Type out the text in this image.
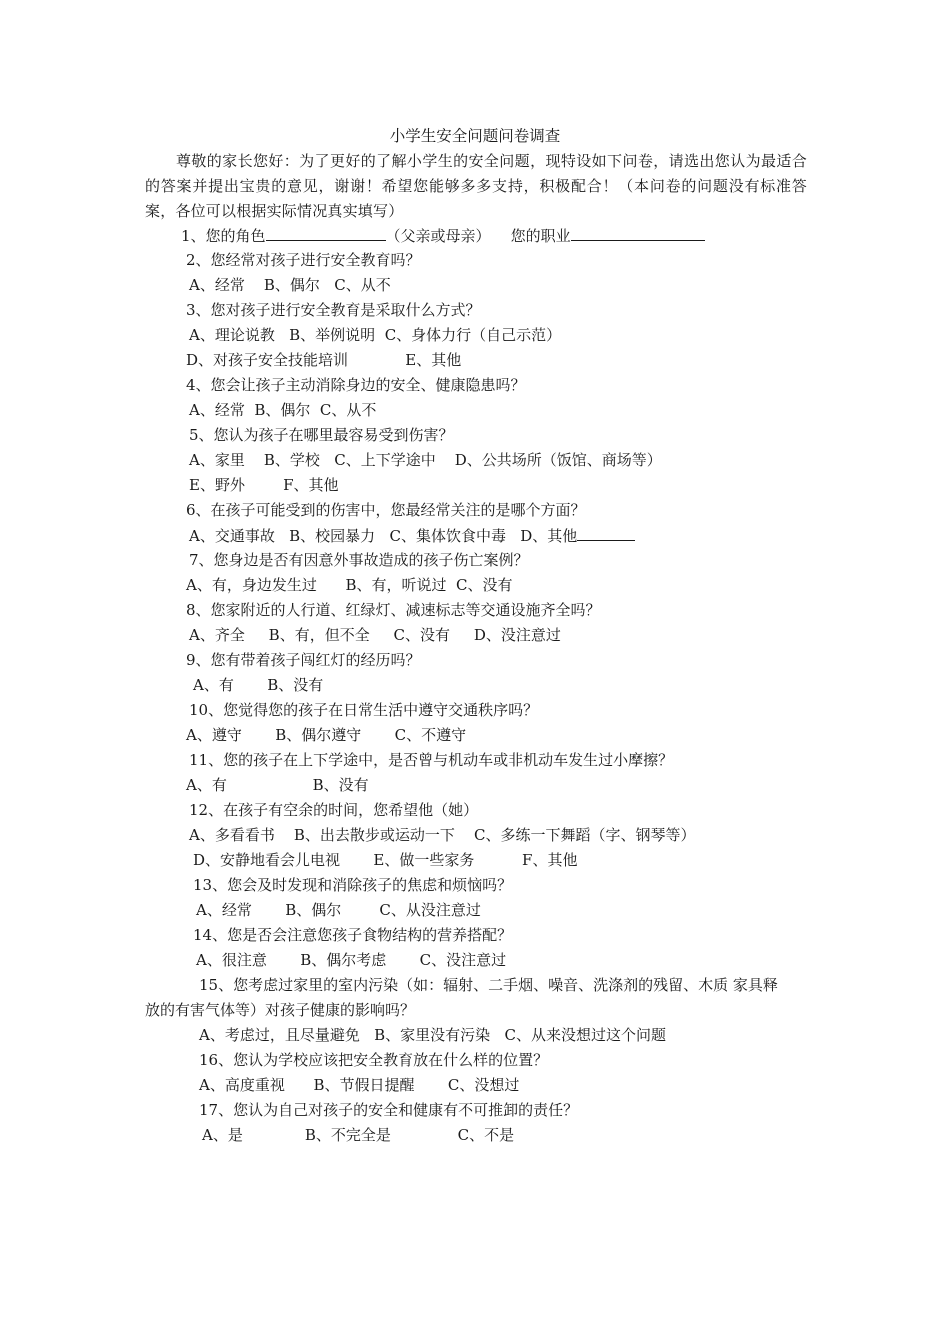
小学生安全问题问卷调查
尊敬的家长您好：为了更好的了解小学生的安全问题，现特设如下问卷，请选出您认为最适合的答案并提出宝贵的意见，谢谢！希望您能够多多支持，积极配合！（本问卷的问题没有标准答案，各位可以根据实际情况真实填写）
1、您的角色	（父亲或母亲） 您的职业
2、您经常对孩子进行安全教育吗？
A、经常    B、偶尔   C、从不
3、您对孩子进行安全教育是采取什么方式？
A、理论说教   B、举例说明  C、身体力行（自己示范）
D、对孩子安全技能培训            E、其他
4、您会让孩子主动消除身边的安全、健康隐患吗？
A、经常  B、偶尔  C、从不
5、您认为孩子在哪里最容易受到伤害？
A、家里    B、学校   C、上下学途中    D、公共场所（饭馆、商场等）
E、野外        F、其他
6、在孩子可能受到的伤害中，您最经常关注的是哪个方面？
A、交通事故   B、校园暴力   C、集体饮食中毒   D、其他
7、您身边是否有因意外事故造成的孩子伤亡案例？
A、有，身边发生过      B、有，听说过  C、没有
8、您家附近的人行道、红绿灯、减速标志等交通设施齐全吗？
A、齐全     B、有，但不全     C、没有     D、没注意过
9、您有带着孩子闯红灯的经历吗？
A、有       B、没有
10、您觉得您的孩子在日常生活中遵守交通秩序吗？
A、遵守       B、偶尔遵守       C、不遵守
11、您的孩子在上下学途中，是否曾与机动车或非机动车发生过小摩擦？
A、有                  B、没有
12、在孩子有空余的时间，您希望他（她）
A、多看看书    B、出去散步或运动一下    C、多练一下舞蹈（字、钢琴等）
D、安静地看会儿电视       E、做一些家务          F、其他
13、您会及时发现和消除孩子的焦虑和烦恼吗？
A、经常       B、偶尔        C、从没注意过
14、您是否会注意您孩子食物结构的营养搭配？
A、很注意       B、偶尔考虑       C、没注意过
15、您考虑过家里的室内污染（如：辐射、二手烟、噪音、洗涤剂的残留、木质 家具释
放的有害气体等）对孩子健康的影响吗？
A、考虑过，且尽量避免   B、家里没有污染   C、从来没想过这个问题
16、您认为学校应该把安全教育放在什么样的位置？
A、高度重视      B、节假日提醒       C、没想过
17、您认为自己对孩子的安全和健康有不可推卸的责任？
A、是             B、不完全是              C、不是
